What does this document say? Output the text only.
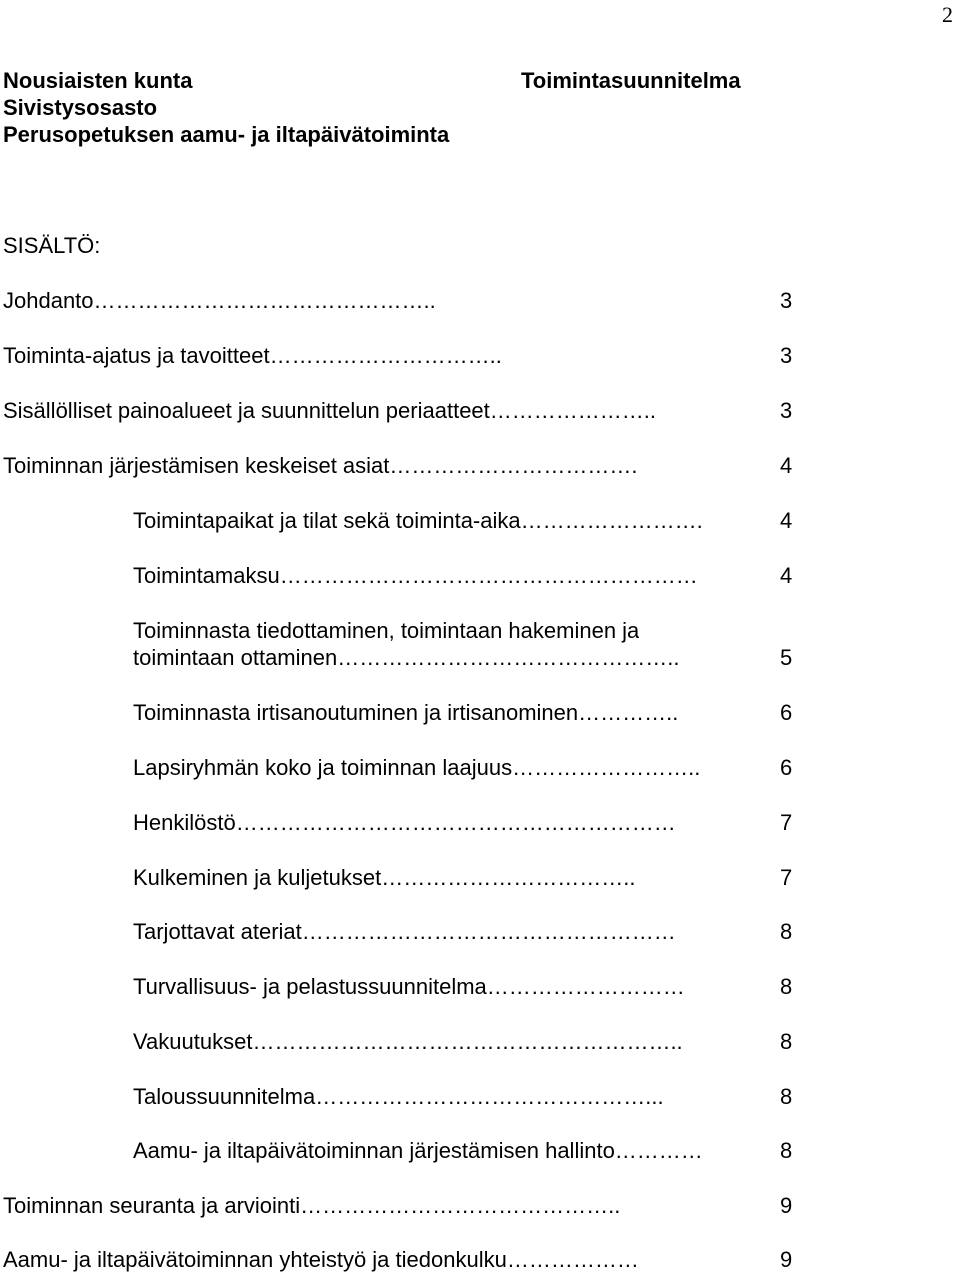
2
Nousiaisten kunta
Sivistysosasto
Perusopetuksen aamu- ja iltapäivätoiminta
Toimintasuunnitelma
SISÄLTÖ:
Johdanto………………………………………..	3
Toiminta-ajatus ja tavoitteet…………………………..	3
Sisällölliset painoalueet ja suunnittelun periaatteet…………………..	3
Toiminnan järjestämisen keskeiset asiat…………………………….	4
Toimintapaikat ja tilat sekä toiminta-aika…………………….	4
Toimintamaksu…………………………………………………	4
Toiminnasta tiedottaminen, toimintaan hakeminen ja
toimintaan ottaminen………………………………………..	5
Toiminnasta irtisanoutuminen ja irtisanominen…………..	6
Lapsiryhmän koko ja toiminnan laajuus……………………..	6
Henkilöstö……………………………………………………	7
Kulkeminen ja kuljetukset……………………………..	7
Tarjottavat ateriat……………………………………………	8
Turvallisuus- ja pelastussuunnitelma………………………	8
Vakuutukset…………………………………………………..	8
Taloussuunnitelma………………………………………...	8
Aamu- ja iltapäivätoiminnan järjestämisen hallinto…………	8
Toiminnan seuranta ja arviointi……………………………………..	9
Aamu- ja iltapäivätoiminnan yhteistyö ja tiedonkulku………………	9
